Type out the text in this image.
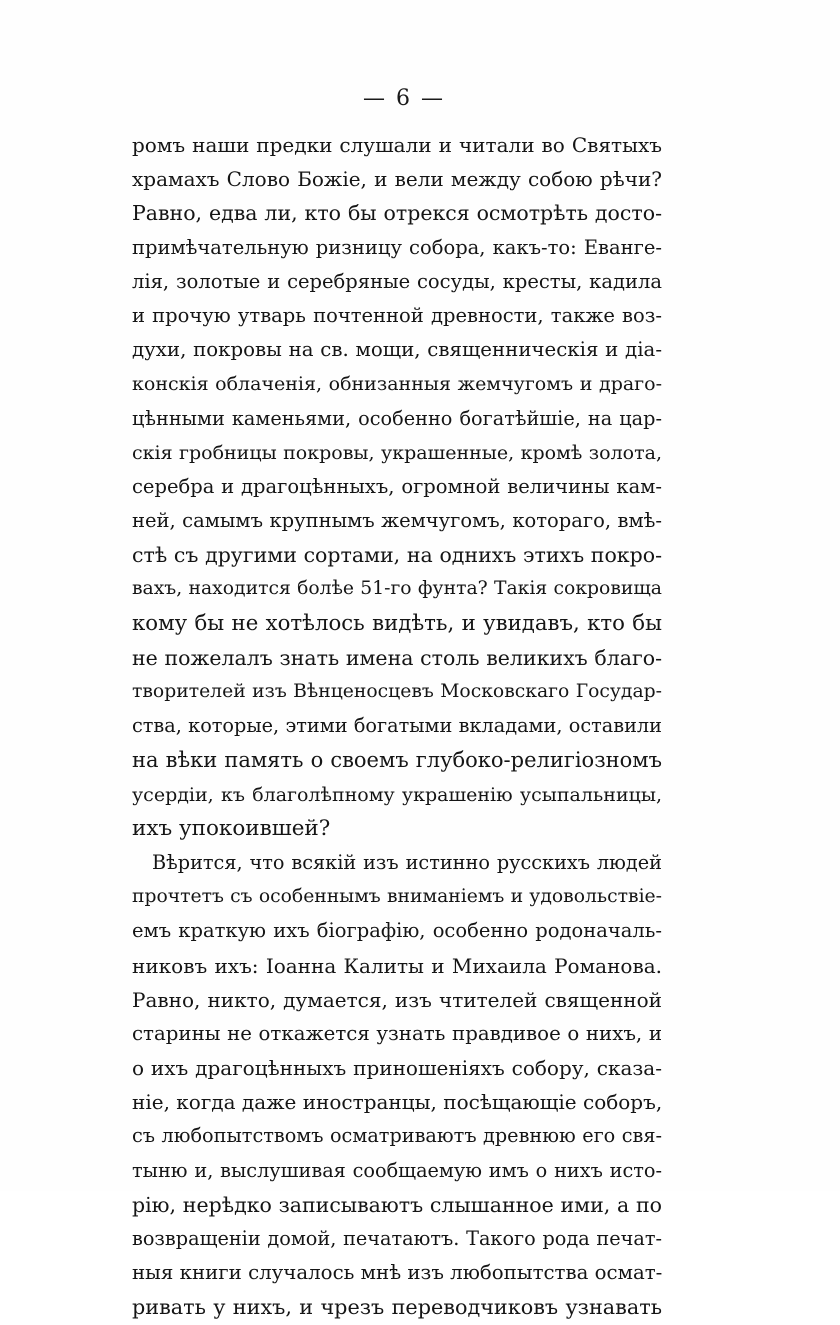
— 6 —
ромъ наши предки слушали и читали во Святыхъ
храмахъ Слово Божіе, и вели между собою рѣчи?
Равно, едва ли, кто бы отрекся осмотрѣть досто-
примѣчательную ризницу собора, какъ-то: Еванге-
лія, золотые и серебряные сосуды, кресты, кадила
и прочую утварь почтенной древности, также воз-
духи, покровы на св. мощи, священническія и діа-
конскія облаченія, обнизанныя жемчугомъ и драго-
цѣнными каменьями, особенно богатѣйшіе, на цар-
скія гробницы покровы, украшенные, кромѣ золота,
серебра и драгоцѣнныхъ, огромной величины кам-
ней, самымъ крупнымъ жемчугомъ, котораго, вмѣ-
стѣ съ другими сортами, на однихъ этихъ покро-
вахъ, находится болѣе 51-го фунта? Такія сокровища
кому бы не хотѣлось видѣть, и увидавъ, кто бы
не пожелалъ знать имена столь великихъ благо-
творителей изъ Вѣнценосцевъ Московскаго Государ-
ства, которые, этими богатыми вкладами, оставили
на вѣки память о своемъ глубоко-религіозномъ
усердіи, къ благолѣпному украшенію усыпальницы,
ихъ упокоившей?
Вѣрится, что всякій изъ истинно русскихъ людей
прочтетъ съ особеннымъ вниманіемъ и удовольствіе-
емъ краткую ихъ біографію, особенно родоначаль-
никовъ ихъ: Іоанна Калиты и Михаила Романова.
Равно, никто, думается, изъ чтителей священной
старины не откажется узнать правдивое о нихъ, и
о ихъ драгоцѣнныхъ приношеніяхъ собору, сказа-
ніе, когда даже иностранцы, посѣщающіе соборъ,
съ любопытствомъ осматриваютъ древнюю его свя-
тыню и, выслушивая сообщаемую имъ о нихъ исто-
рію, нерѣдко записываютъ слышанное ими, а по
возвращеніи домой, печатаютъ. Такого рода печат-
ныя книги случалось мнѣ изъ любопытства осмат-
ривать у нихъ, и чрезъ переводчиковъ узнавать
